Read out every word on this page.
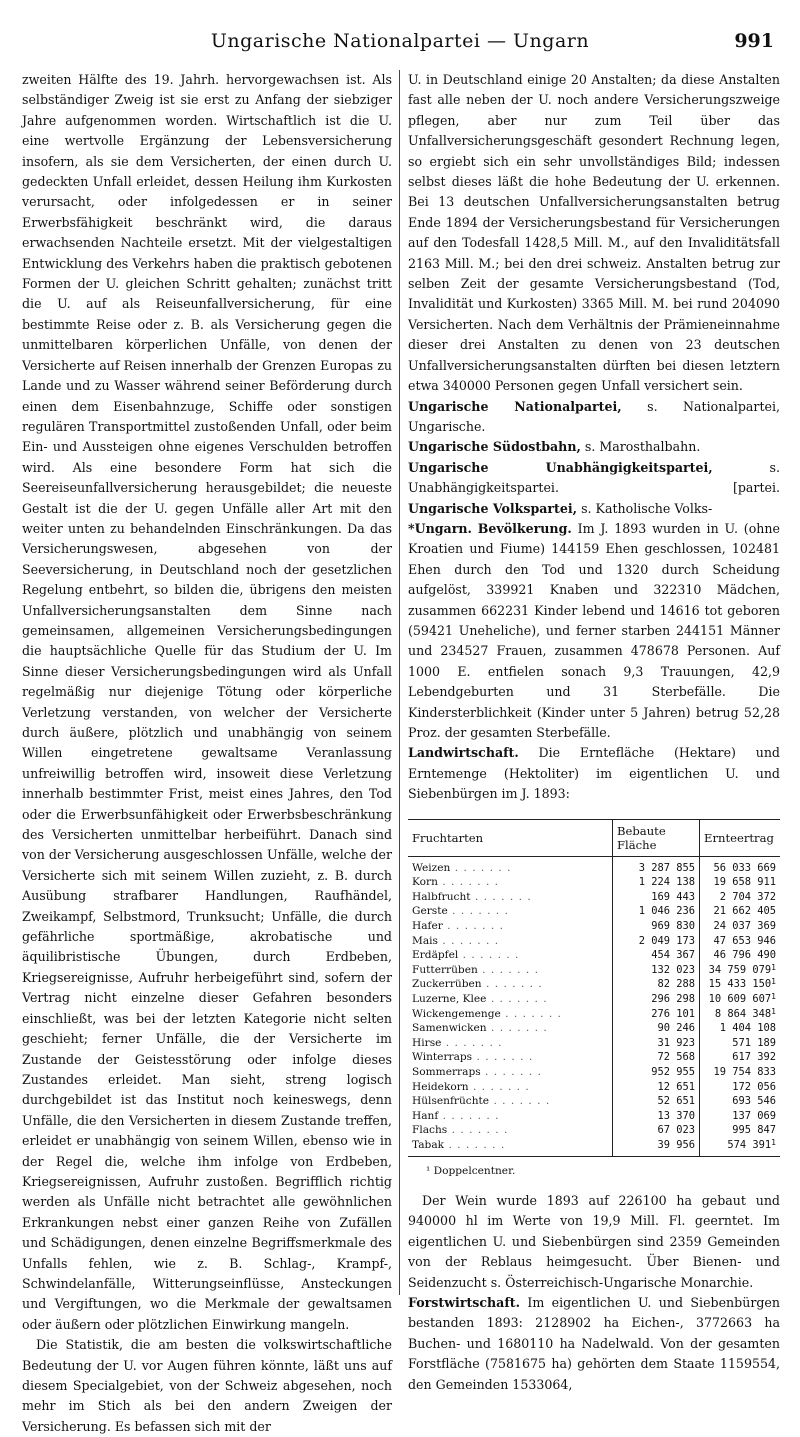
Ungarische Nationalpartei — Ungarn	991

zweiten Hälfte des 19. Jahrh. hervorgewachsen ist. Als selbständiger Zweig ist sie erst zu Anfang der siebziger Jahre aufgenommen worden. Wirtschaftlich ist die U. eine wertvolle Ergänzung der Lebensversicherung insofern, als sie dem Versicherten, der einen durch U. gedeckten Unfall erleidet, dessen Heilung ihm Kurkosten verursacht, oder infolgedessen er in seiner Erwerbsfähigkeit beschränkt wird, die daraus erwachsenden Nachteile ersetzt. Mit der vielgestaltigen Entwicklung des Verkehrs haben die praktisch gebotenen Formen der U. gleichen Schritt gehalten; zunächst tritt die U. auf als Reiseunfallversicherung, für eine bestimmte Reise oder z. B. als Versicherung gegen die unmittelbaren körperlichen Unfälle, von denen der Versicherte auf Reisen innerhalb der Grenzen Europas zu Lande und zu Wasser während seiner Beförderung durch einen dem Eisenbahnzuge, Schiffe oder sonstigen regulären Transportmittel zustoßenden Unfall, oder beim Ein- und Aussteigen ohne eigenes Verschulden betroffen wird. Als eine besondere Form hat sich die Seereiseunfallversicherung herausgebildet; die neueste Gestalt ist die der U. gegen Unfälle aller Art mit den weiter unten zu behandelnden Einschränkungen. Da das Versicherungswesen, abgesehen von der Seeversicherung, in Deutschland noch der gesetzlichen Regelung entbehrt, so bilden die, übrigens den meisten Unfallversicherungsanstalten dem Sinne nach gemeinsamen, allgemeinen Versicherungsbedingungen die hauptsächliche Quelle für das Studium der U. Im Sinne dieser Versicherungsbedingungen wird als Unfall regelmäßig nur diejenige Tötung oder körperliche Verletzung verstanden, von welcher der Versicherte durch äußere, plötzlich und unabhängig von seinem Willen eingetretene gewaltsame Veranlassung unfreiwillig betroffen wird, insoweit diese Verletzung innerhalb bestimmter Frist, meist eines Jahres, den Tod oder die Erwerbsunfähigkeit oder Erwerbsbeschränkung des Versicherten unmittelbar herbeiführt. Danach sind von der Versicherung ausgeschlossen Unfälle, welche der Versicherte sich mit seinem Willen zuzieht, z. B. durch Ausübung strafbarer Handlungen, Raufhändel, Zweikampf, Selbstmord, Trunksucht; Unfälle, die durch gefährliche sportmäßige, akrobatische und äquilibristische Übungen, durch Erdbeben, Kriegsereignisse, Aufruhr herbeigeführt sind, sofern der Vertrag nicht einzelne dieser Gefahren besonders einschließt, was bei der letzten Kategorie nicht selten geschieht; ferner Unfälle, die der Versicherte im Zustande der Geistesstörung oder infolge dieses Zustandes erleidet. Man sieht, streng logisch durchgebildet ist das Institut noch keineswegs, denn Unfälle, die den Versicherten in diesem Zustande treffen, erleidet er unabhängig von seinem Willen, ebenso wie in der Regel die, welche ihm infolge von Erdbeben, Kriegsereignissen, Aufruhr zustoßen. Begrifflich richtig werden als Unfälle nicht betrachtet alle gewöhnlichen Erkrankungen nebst einer ganzen Reihe von Zufällen und Schädigungen, denen einzelne Begriffsmerkmale des Unfalls fehlen, wie z. B. Schlag-, Krampf-, Schwindelanfälle, Witterungseinflüsse, Ansteckungen und Vergiftungen, wo die Merkmale der gewaltsamen oder äußern oder plötzlichen Einwirkung mangeln.

Die Statistik, die am besten die volkswirtschaftliche Bedeutung der U. vor Augen führen könnte, läßt uns auf diesem Specialgebiet, von der Schweiz abgesehen, noch mehr im Stich als bei den andern Zweigen der Versicherung. Es befassen sich mit der

U. in Deutschland einige 20 Anstalten; da diese Anstalten fast alle neben der U. noch andere Versicherungszweige pflegen, aber nur zum Teil über das Unfallversicherungsgeschäft gesondert Rechnung legen, so ergiebt sich ein sehr unvollständiges Bild; indessen selbst dieses läßt die hohe Bedeutung der U. erkennen. Bei 13 deutschen Unfallversicherungsanstalten betrug Ende 1894 der Versicherungsbestand für Versicherungen auf den Todesfall 1428,5 Mill. M., auf den Invaliditätsfall 2163 Mill. M.; bei den drei schweiz. Anstalten betrug zur selben Zeit der gesamte Versicherungsbestand (Tod, Invalidität und Kurkosten) 3365 Mill. M. bei rund 204090 Versicherten. Nach dem Verhältnis der Prämieneinnahme dieser drei Anstalten zu denen von 23 deutschen Unfallversicherungsanstalten dürften bei diesen letztern etwa 340000 Personen gegen Unfall versichert sein.

Ungarische Nationalpartei, s. Nationalpartei, Ungarische.

Ungarische Südostbahn, s. Marosthalbahn.

Ungarische Unabhängigkeitspartei,	s. Unabhängigkeitspartei.	[partei.

Ungarische Volkspartei, s. Katholische Volks-

*Ungarn. Bevölkerung. Im J. 1893 wurden in U. (ohne Kroatien und Fiume) 144159 Ehen geschlossen, 102481 Ehen durch den Tod und 1320 durch Scheidung aufgelöst, 339921 Knaben und 322310 Mädchen, zusammen 662231 Kinder lebend und 14616 tot geboren (59421 Uneheliche), und ferner starben 244151 Männer und 234527 Frauen, zusammen 478678 Personen. Auf 1000 E. entfielen sonach 9,3 Trauungen, 42,9 Lebendgeburten und 31 Sterbefälle. Die Kindersterblichkeit (Kinder unter 5 Jahren) betrug 52,28 Proz. der gesamten Sterbefälle.

Landwirtschaft. Die Erntefläche (Hektare) und Erntemenge (Hektoliter) im eigentlichen U. und Siebenbürgen im J. 1893:

Fruchtarten	Bebaute Fläche	Ernteertrag
Weizen . . . . . . .	3 287 855	56 033 669
Korn . . . . . . .	1 224 138	19 658 911
Halbfrucht . . . . . . .	169 443	2 704 372
Gerste . . . . . . .	1 046 236	21 662 405
Hafer . . . . . . .	969 830	24 037 369
Mais . . . . . . .	2 049 173	47 653 946
Erdäpfel . . . . . . .	454 367	46 796 490
Futterrüben . . . . . . .	132 023	34 759 $079^1$
Zuckerrüben . . . . . . .	82 288	15 433 $150^1$
Luzerne, Klee . . . . . . .	296 298	10 609 $607^1$
Wickengemenge . . . . . . .	276 101	8 864 $348^1$
Samenwicken . . . . . . .	90 246	1 404 108
Hirse . . . . . . .	31 923	571 189
Winterraps . . . . . . .	72 568	617 392
Sommerraps . . . . . . .	952 955	19 754 833
Heidekorn . . . . . . .	12 651	172 056
Hülsenfrüchte . . . . . . .	52 651	693 546
Hanf . . . . . . .	13 370	137 069
Flachs . . . . . . .	67 023	995 847
Tabak . . . . . . .	39 956	574 $391^1$
¹ Doppelcentner.

Der Wein wurde 1893 auf 226100 ha gebaut und 940000 hl im Werte von 19,9 Mill. Fl. geerntet. Im eigentlichen U. und Siebenbürgen sind 2359 Gemeinden von der Reblaus heimgesucht. Über Bienen- und Seidenzucht s. Österreichisch-Ungarische Monarchie.

Forstwirtschaft. Im eigentlichen U. und Siebenbürgen bestanden 1893: 2128902 ha Eichen-, 3772663 ha Buchen- und 1680110 ha Nadelwald. Von der gesamten Forstfläche (7581675 ha) gehörten dem Staate 1159554, den Gemeinden 1533064,
